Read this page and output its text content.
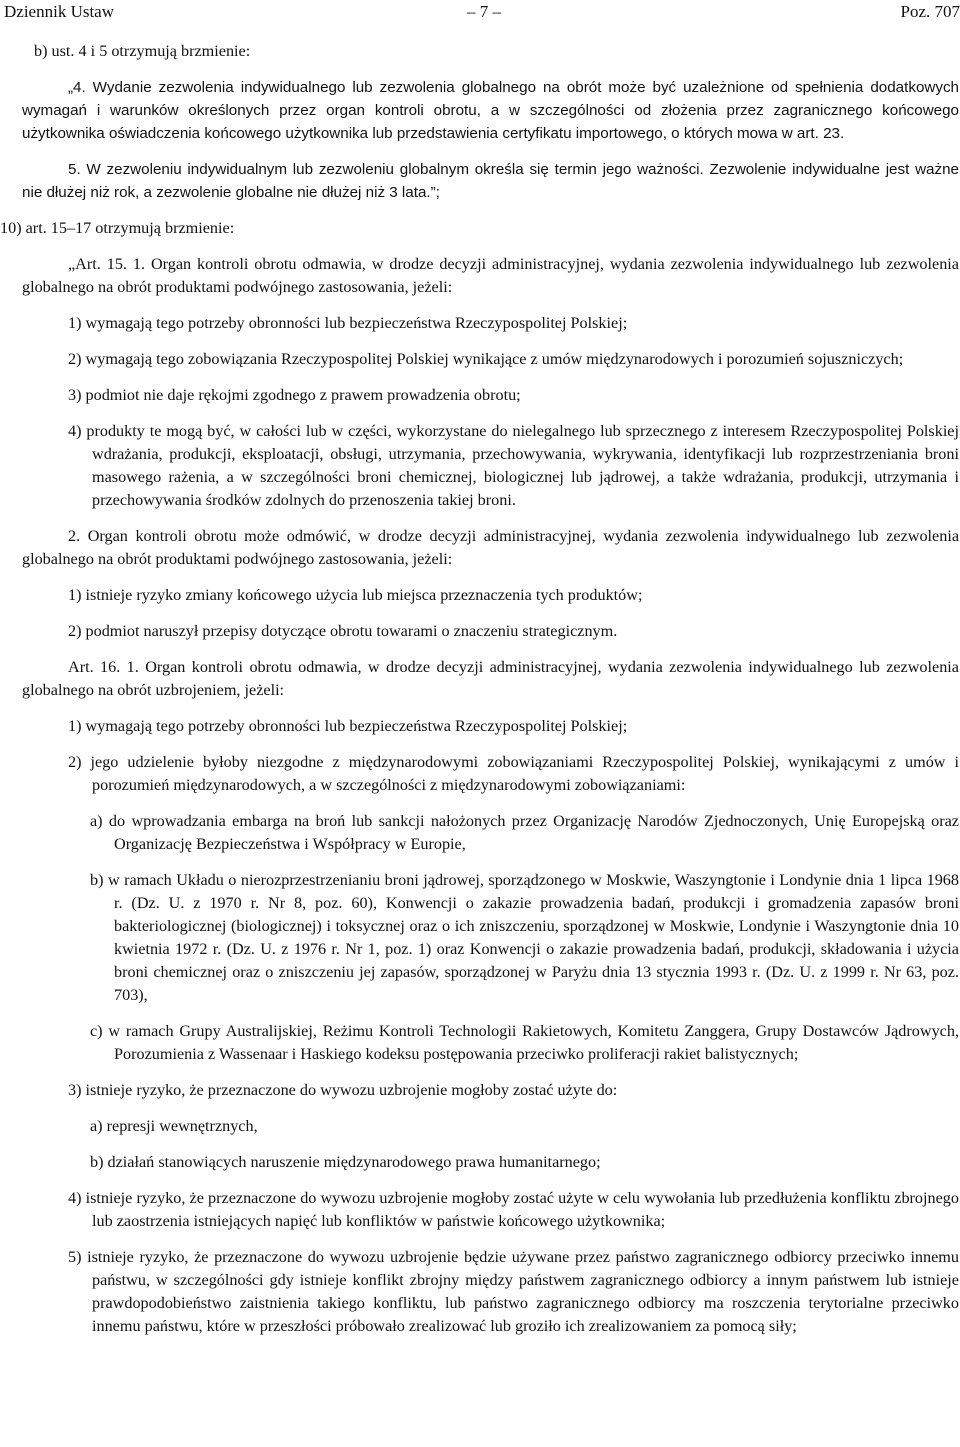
Dziennik Ustaw	– 7 –	Poz. 707

b) ust. 4 i 5 otrzymują brzmienie:

„4. Wydanie zezwolenia indywidualnego lub zezwolenia globalnego na obrót może być uzależnione od spełnienia dodatkowych wymagań i warunków określonych przez organ kontroli obrotu, a w szczególności od złożenia przez zagranicznego końcowego użytkownika oświadczenia końcowego użytkownika lub przedstawienia certyfikatu importowego, o których mowa w art. 23.

5. W zezwoleniu indywidualnym lub zezwoleniu globalnym określa się termin jego ważności. Zezwolenie indywidualne jest ważne nie dłużej niż rok, a zezwolenie globalne nie dłużej niż 3 lata.”;

10) art. 15–17 otrzymują brzmienie:

„Art. 15. 1. Organ kontroli obrotu odmawia, w drodze decyzji administracyjnej, wydania zezwolenia indywidualnego lub zezwolenia globalnego na obrót produktami podwójnego zastosowania, jeżeli:

1) wymagają tego potrzeby obronności lub bezpieczeństwa Rzeczypospolitej Polskiej;

2) wymagają tego zobowiązania Rzeczypospolitej Polskiej wynikające z umów międzynarodowych i porozumień sojuszniczych;

3) podmiot nie daje rękojmi zgodnego z prawem prowadzenia obrotu;

4) produkty te mogą być, w całości lub w części, wykorzystane do nielegalnego lub sprzecznego z interesem Rzeczypospolitej Polskiej wdrażania, produkcji, eksploatacji, obsługi, utrzymania, przechowywania, wykrywania, identyfikacji lub rozprzestrzeniania broni masowego rażenia, a w szczególności broni chemicznej, biologicznej lub jądrowej, a także wdrażania, produkcji, utrzymania i przechowywania środków zdolnych do przenoszenia takiej broni.

2. Organ kontroli obrotu może odmówić, w drodze decyzji administracyjnej, wydania zezwolenia indywidualnego lub zezwolenia globalnego na obrót produktami podwójnego zastosowania, jeżeli:

1) istnieje ryzyko zmiany końcowego użycia lub miejsca przeznaczenia tych produktów;

2) podmiot naruszył przepisy dotyczące obrotu towarami o znaczeniu strategicznym.

Art. 16. 1. Organ kontroli obrotu odmawia, w drodze decyzji administracyjnej, wydania zezwolenia indywidualnego lub zezwolenia globalnego na obrót uzbrojeniem, jeżeli:

1) wymagają tego potrzeby obronności lub bezpieczeństwa Rzeczypospolitej Polskiej;

2) jego udzielenie byłoby niezgodne z międzynarodowymi zobowiązaniami Rzeczypospolitej Polskiej, wynikającymi z umów i porozumień międzynarodowych, a w szczególności z międzynarodowymi zobowiązaniami:

a) do wprowadzania embarga na broń lub sankcji nałożonych przez Organizację Narodów Zjednoczonych, Unię Europejską oraz Organizację Bezpieczeństwa i Współpracy w Europie,

b) w ramach Układu o nierozprzestrzenianiu broni jądrowej, sporządzonego w Moskwie, Waszyngtonie i Londynie dnia 1 lipca 1968 r. (Dz. U. z 1970 r. Nr 8, poz. 60), Konwencji o zakazie prowadzenia badań, produkcji i gromadzenia zapasów broni bakteriologicznej (biologicznej) i toksycznej oraz o ich zniszczeniu, sporządzonej w Moskwie, Londynie i Waszyngtonie dnia 10 kwietnia 1972 r. (Dz. U. z 1976 r. Nr 1, poz. 1) oraz Konwencji o zakazie prowadzenia badań, produkcji, składowania i użycia broni chemicznej oraz o zniszczeniu jej zapasów, sporządzonej w Paryżu dnia 13 stycznia 1993 r. (Dz. U. z 1999 r. Nr 63, poz. 703),

c) w ramach Grupy Australijskiej, Reżimu Kontroli Technologii Rakietowych, Komitetu Zanggera, Grupy Dostawców Jądrowych, Porozumienia z Wassenaar i Haskiego kodeksu postępowania przeciwko proliferacji rakiet balistycznych;

3) istnieje ryzyko, że przeznaczone do wywozu uzbrojenie mogłoby zostać użyte do:

a) represji wewnętrznych,

b) działań stanowiących naruszenie międzynarodowego prawa humanitarnego;

4) istnieje ryzyko, że przeznaczone do wywozu uzbrojenie mogłoby zostać użyte w celu wywołania lub przedłużenia konfliktu zbrojnego lub zaostrzenia istniejących napięć lub konfliktów w państwie końcowego użytkownika;

5) istnieje ryzyko, że przeznaczone do wywozu uzbrojenie będzie używane przez państwo zagranicznego odbiorcy przeciwko innemu państwu, w szczególności gdy istnieje konflikt zbrojny między państwem zagranicznego odbiorcy a innym państwem lub istnieje prawdopodobieństwo zaistnienia takiego konfliktu, lub państwo zagranicznego odbiorcy ma roszczenia terytorialne przeciwko innemu państwu, które w przeszłości próbowało zrealizować lub groziło ich zrealizowaniem za pomocą siły;
